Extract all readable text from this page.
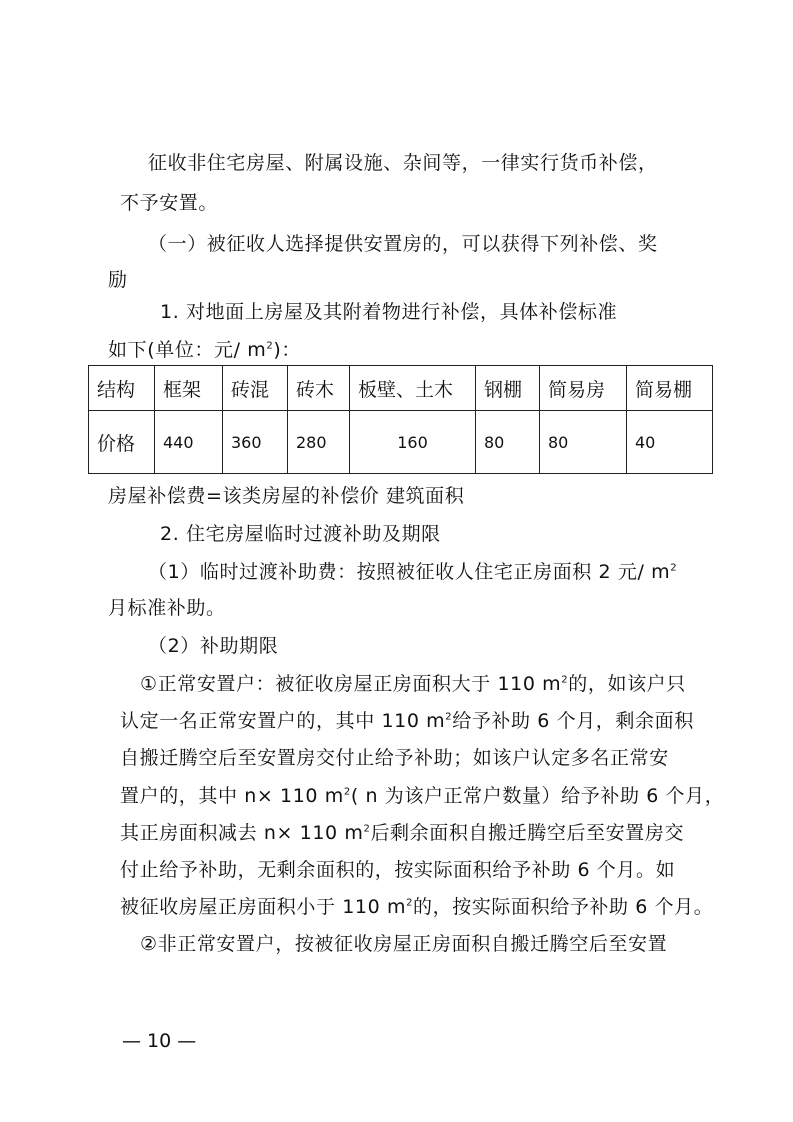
征收非住宅房屋、附属设施、杂间等，一律实行货币补偿，
不予安置。
（一）被征收人选择提供安置房的，可以获得下列补偿、奖
励
1. 对地面上房屋及其附着物进行补偿，具体补偿标准
如下(单位：元/ $m^2$)：
结构	框架	砖混	砖木	板壁、土木	钢棚	简易房	简易棚
价格	440	360	280	160	80	80	40
房屋补偿费=该类房屋的补偿价 建筑面积
2. 住宅房屋临时过渡补助及期限
（1）临时过渡补助费：按照被征收人住宅正房面积 2 元/ $m^2$
月标准补助。
（2）补助期限
①正常安置户：被征收房屋正房面积大于 110 $m^2$的，如该户只
认定一名正常安置户的，其中 110 $m^2$给予补助 6 个月，剩余面积
自搬迁腾空后至安置房交付止给予补助；如该户认定多名正常安
置户的，其中 n× 110 $m^2$( n 为该户正常户数量）给予补助 6 个月，
其正房面积减去 n× 110 $m^2$后剩余面积自搬迁腾空后至安置房交
付止给予补助，无剩余面积的，按实际面积给予补助 6 个月。如
被征收房屋正房面积小于 110 $m^2$的，按实际面积给予补助 6 个月。
②非正常安置户，按被征收房屋正房面积自搬迁腾空后至安置
— 10 —
